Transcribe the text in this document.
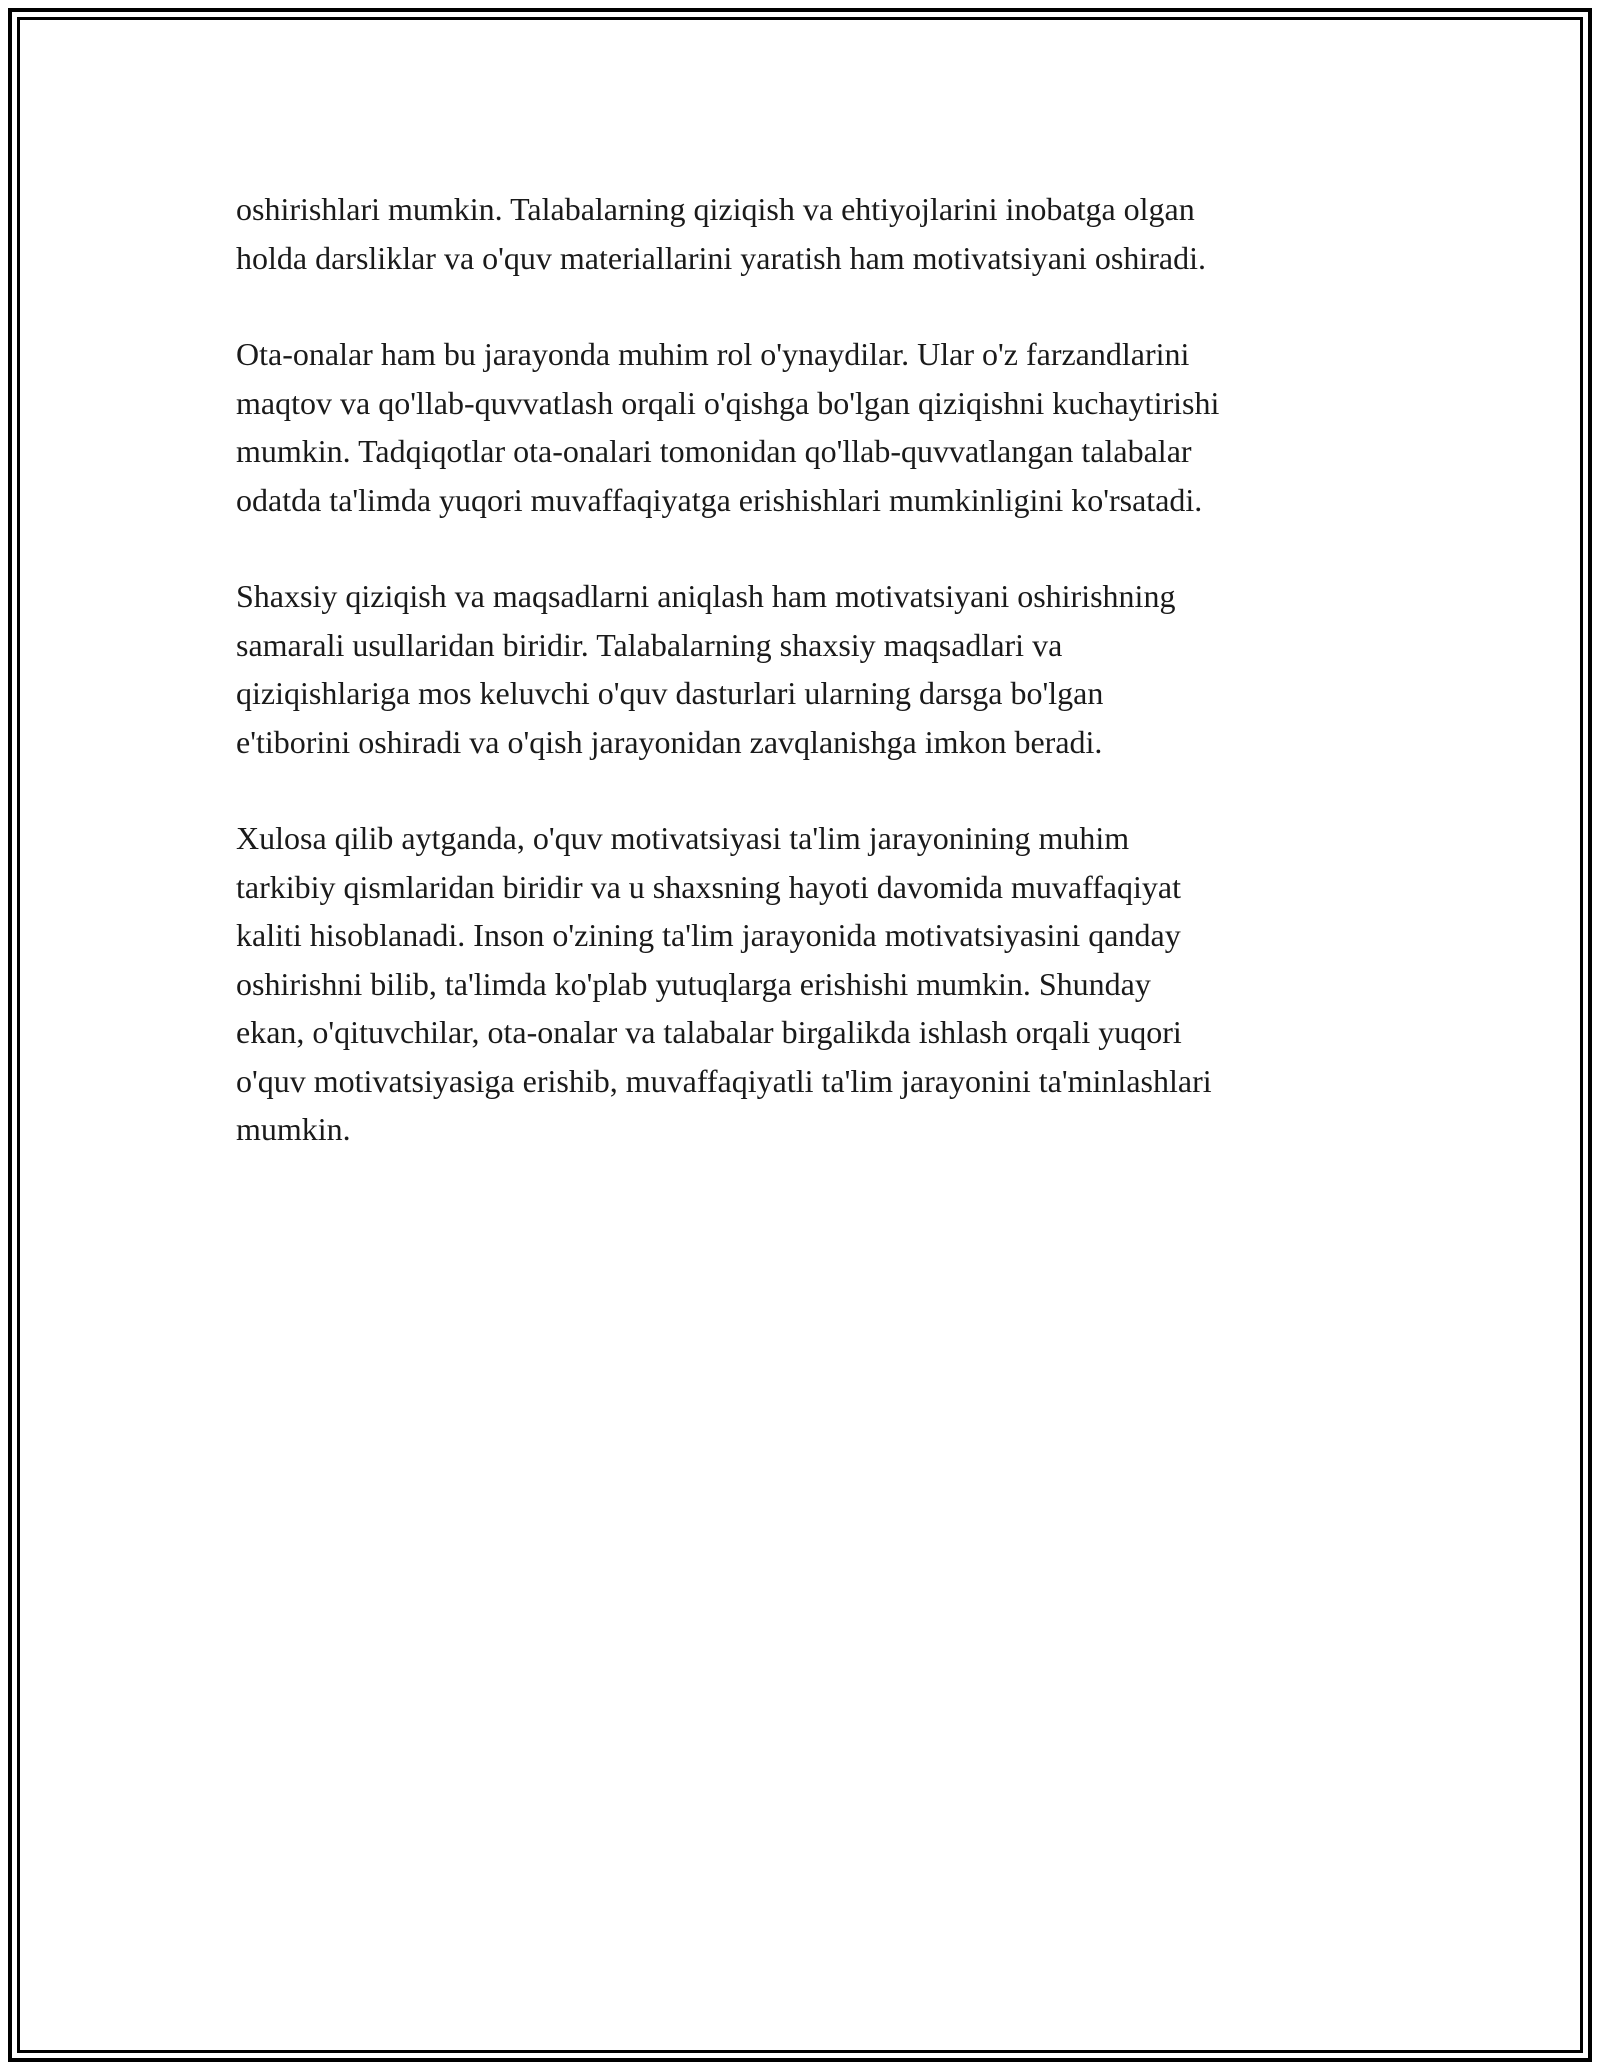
oshirishlari mumkin. Talabalarning qiziqish va ehtiyojlarini inobatga olgan
holda darsliklar va o'quv materiallarini yaratish ham motivatsiyani oshiradi.

Ota-onalar ham bu jarayonda muhim rol o'ynaydilar. Ular o'z farzandlarini
maqtov va qo'llab-quvvatlash orqali o'qishga bo'lgan qiziqishni kuchaytirishi
mumkin. Tadqiqotlar ota-onalari tomonidan qo'llab-quvvatlangan talabalar
odatda ta'limda yuqori muvaffaqiyatga erishishlari mumkinligini ko'rsatadi.

Shaxsiy qiziqish va maqsadlarni aniqlash ham motivatsiyani oshirishning
samarali usullaridan biridir. Talabalarning shaxsiy maqsadlari va
qiziqishlariga mos keluvchi o'quv dasturlari ularning darsga bo'lgan
e'tiborini oshiradi va o'qish jarayonidan zavqlanishga imkon beradi.

Xulosa qilib aytganda, o'quv motivatsiyasi ta'lim jarayonining muhim
tarkibiy qismlaridan biridir va u shaxsning hayoti davomida muvaffaqiyat
kaliti hisoblanadi. Inson o'zining ta'lim jarayonida motivatsiyasini qanday
oshirishni bilib, ta'limda ko'plab yutuqlarga erishishi mumkin. Shunday
ekan, o'qituvchilar, ota-onalar va talabalar birgalikda ishlash orqali yuqori
o'quv motivatsiyasiga erishib, muvaffaqiyatli ta'lim jarayonini ta'minlashlari
mumkin.
